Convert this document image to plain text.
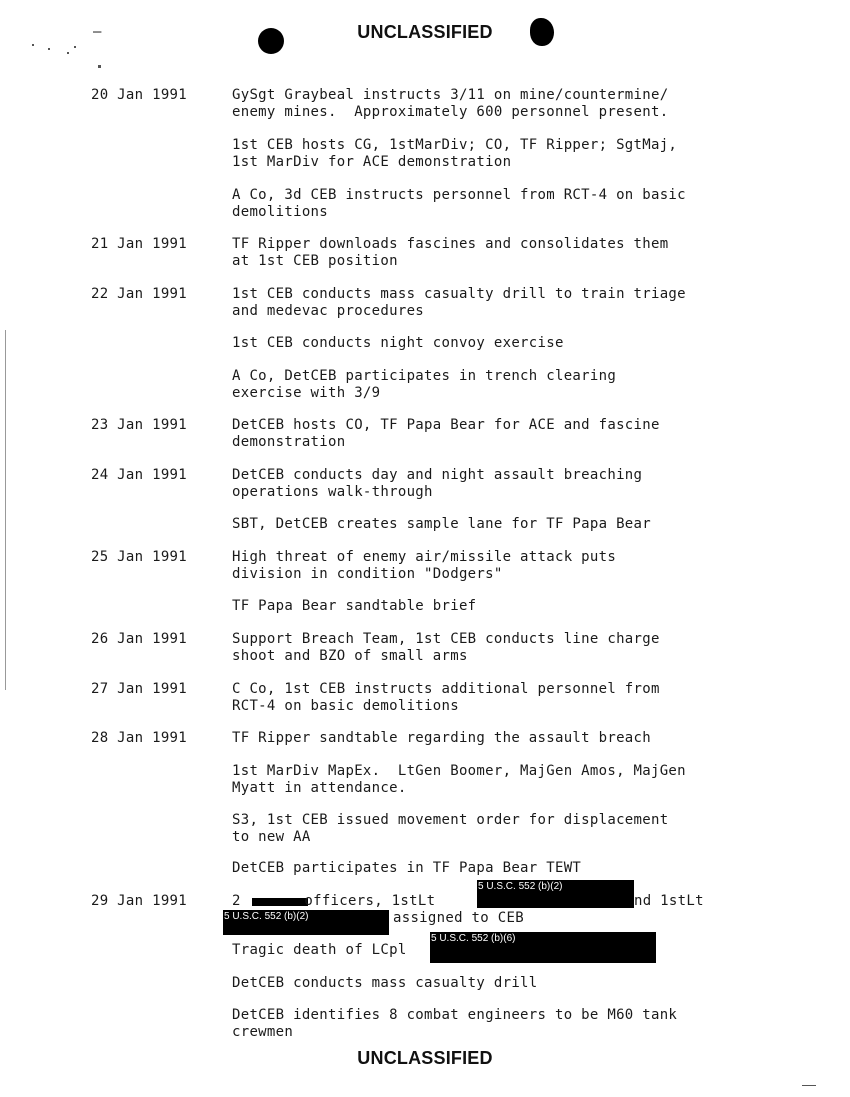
UNCLASSIFIED
–
20 Jan 1991	GySgt Graybeal instructs 3/11 on mine/countermine/
enemy mines.  Approximately 600 personnel present.
1st CEB hosts CG, 1stMarDiv; CO, TF Ripper; SgtMaj,
1st MarDiv for ACE demonstration
A Co, 3d CEB instructs personnel from RCT-4 on basic
demolitions
21 Jan 1991	TF Ripper downloads fascines and consolidates them
at 1st CEB position
22 Jan 1991	1st CEB conducts mass casualty drill to train triage
and medevac procedures
1st CEB conducts night convoy exercise
A Co, DetCEB participates in trench clearing
exercise with 3/9
23 Jan 1991	DetCEB hosts CO, TF Papa Bear for ACE and fascine
demonstration
24 Jan 1991	DetCEB conducts day and night assault breaching
operations walk-through
SBT, DetCEB creates sample lane for TF Papa Bear
25 Jan 1991	High threat of enemy air/missile attack puts
division in condition "Dodgers"
TF Papa Bear sandtable brief
26 Jan 1991	Support Breach Team, 1st CEB conducts line charge
shoot and BZO of small arms
27 Jan 1991	C Co, 1st CEB instructs additional personnel from
RCT-4 on basic demolitions
28 Jan 1991	TF Ripper sandtable regarding the assault breach
1st MarDiv MapEx.  LtGen Boomer, MajGen Amos, MajGen
Myatt in attendance.
S3, 1st CEB issued movement order for displacement
to new AA
DetCEB participates in TF Papa Bear TEWT
29 Jan 1991	2 officers, 1stLt
5 U.S.C. 552 (b)(2)
nd 1stLt
5 U.S.C. 552 (b)(2)	assigned to CEB
Tragic death of LCpl
5 U.S.C. 552 (b)(6)
DetCEB conducts mass casualty drill
DetCEB identifies 8 combat engineers to be M60 tank
crewmen
UNCLASSIFIED
